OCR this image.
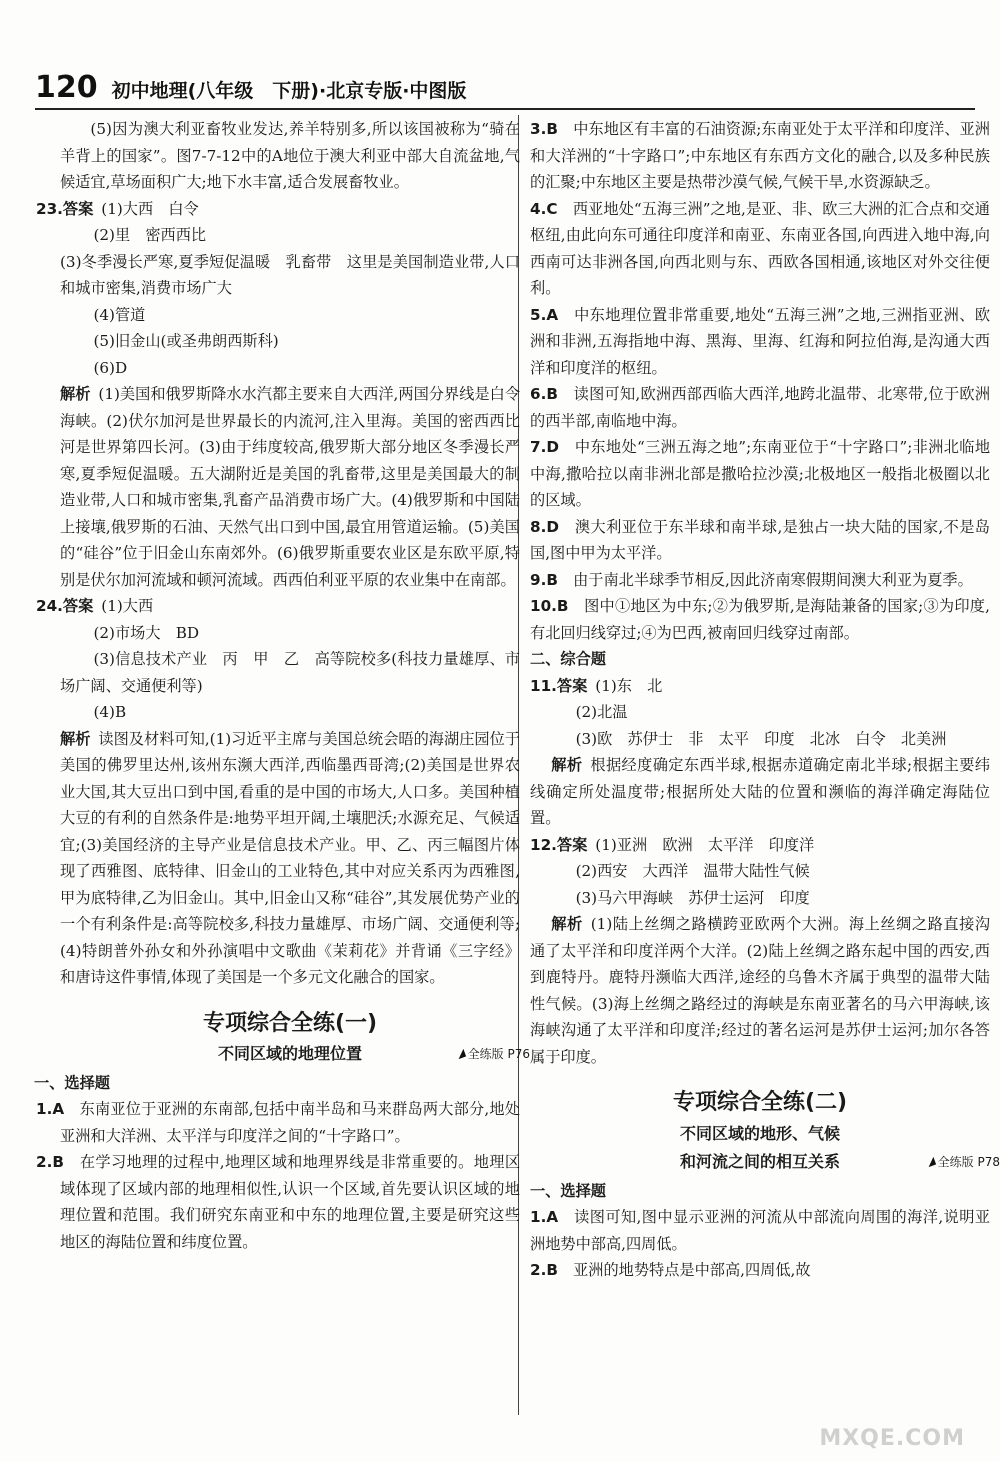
120 初中地理(八年级　下册)·北京专版·中图版

(5)因为澳大利亚畜牧业发达,养羊特别多,所以该国被称为“骑在羊背上的国家”。图7-7-12中的A地位于澳大利亚中部大自流盆地,气候适宜,草场面积广大;地下水丰富,适合发展畜牧业。

23.答案 (1)大西　白令

(2)里　密西西比

(3)冬季漫长严寒,夏季短促温暖　乳畜带　这里是美国制造业带,人口和城市密集,消费市场广大

(4)管道

(5)旧金山(或圣弗朗西斯科)

(6)D

解析 (1)美国和俄罗斯降水水汽都主要来自大西洋,两国分界线是白令海峡。(2)伏尔加河是世界最长的内流河,注入里海。美国的密西西比河是世界第四长河。(3)由于纬度较高,俄罗斯大部分地区冬季漫长严寒,夏季短促温暖。五大湖附近是美国的乳畜带,这里是美国最大的制造业带,人口和城市密集,乳畜产品消费市场广大。(4)俄罗斯和中国陆上接壤,俄罗斯的石油、天然气出口到中国,最宜用管道运输。(5)美国的“硅谷”位于旧金山东南郊外。(6)俄罗斯重要农业区是东欧平原,特别是伏尔加河流域和顿河流域。西西伯利亚平原的农业集中在南部。

24.答案 (1)大西

(2)市场大　BD

(3)信息技术产业　丙　甲　乙　高等院校多(科技力量雄厚、市场广阔、交通便利等)

(4)B

解析 读图及材料可知,(1)习近平主席与美国总统会晤的海湖庄园位于美国的佛罗里达州,该州东濒大西洋,西临墨西哥湾;(2)美国是世界农业大国,其大豆出口到中国,看重的是中国的市场大,人口多。美国种植大豆的有利的自然条件是:地势平坦开阔,土壤肥沃;水源充足、气候适宜;(3)美国经济的主导产业是信息技术产业。甲、乙、丙三幅图片体现了西雅图、底特律、旧金山的工业特色,其中对应关系丙为西雅图,甲为底特律,乙为旧金山。其中,旧金山又称“硅谷”,其发展优势产业的一个有利条件是:高等院校多,科技力量雄厚、市场广阔、交通便利等;(4)特朗普外孙女和外孙演唱中文歌曲《茉莉花》并背诵《三字经》和唐诗这件事情,体现了美国是一个多元文化融合的国家。

专项综合全练(一)
不同区域的地理位置	全练版 P76

一、选择题

1.A　 东南亚位于亚洲的东南部,包括中南半岛和马来群岛两大部分,地处亚洲和大洋洲、太平洋与印度洋之间的“十字路口”。

2.B　 在学习地理的过程中,地理区域和地理界线是非常重要的。地理区域体现了区域内部的地理相似性,认识一个区域,首先要认识区域的地理位置和范围。我们研究东南亚和中东的地理位置,主要是研究这些地区的海陆位置和纬度位置。

3.B　 中东地区有丰富的石油资源;东南亚处于太平洋和印度洋、亚洲和大洋洲的“十字路口”;中东地区有东西方文化的融合,以及多种民族的汇聚;中东地区主要是热带沙漠气候,气候干旱,水资源缺乏。

4.C　 西亚地处“五海三洲”之地,是亚、非、欧三大洲的汇合点和交通枢纽,由此向东可通往印度洋和南亚、东南亚各国,向西进入地中海,向西南可达非洲各国,向西北则与东、西欧各国相通,该地区对外交往便利。

5.A　 中东地理位置非常重要,地处“五海三洲”之地,三洲指亚洲、欧洲和非洲,五海指地中海、黑海、里海、红海和阿拉伯海,是沟通大西洋和印度洋的枢纽。

6.B　 读图可知,欧洲西部西临大西洋,地跨北温带、北寒带,位于欧洲的西半部,南临地中海。

7.D　 中东地处“三洲五海之地”;东南亚位于“十字路口”;非洲北临地中海,撒哈拉以南非洲北部是撒哈拉沙漠;北极地区一般指北极圈以北的区域。

8.D　 澳大利亚位于东半球和南半球,是独占一块大陆的国家,不是岛国,图中甲为太平洋。

9.B　 由于南北半球季节相反,因此济南寒假期间澳大利亚为夏季。

10.B　 图中①地区为中东;②为俄罗斯,是海陆兼备的国家;③为印度,有北回归线穿过;④为巴西,被南回归线穿过南部。

二、综合题

11.答案 (1)东　北

(2)北温

(3)欧　苏伊士　非　太平　印度　北冰　白令　北美洲

解析 根据经度确定东西半球,根据赤道确定南北半球;根据主要纬线确定所处温度带;根据所处大陆的位置和濒临的海洋确定海陆位置。

12.答案 (1)亚洲　欧洲　太平洋　印度洋

(2)西安　大西洋　温带大陆性气候

(3)马六甲海峡　苏伊士运河　印度

解析 (1)陆上丝绸之路横跨亚欧两个大洲。海上丝绸之路直接沟通了太平洋和印度洋两个大洋。(2)陆上丝绸之路东起中国的西安,西到鹿特丹。鹿特丹濒临大西洋,途经的乌鲁木齐属于典型的温带大陆性气候。(3)海上丝绸之路经过的海峡是东南亚著名的马六甲海峡,该海峡沟通了太平洋和印度洋;经过的著名运河是苏伊士运河;加尔各答属于印度。

专项综合全练(二)
不同区域的地形、气候
和河流之间的相互关系	全练版 P78

一、选择题

1.A　 读图可知,图中显示亚洲的河流从中部流向周围的海洋,说明亚洲地势中部高,四周低。

2.B　 亚洲的地势特点是中部高,四周低,故

MXQE.COM
